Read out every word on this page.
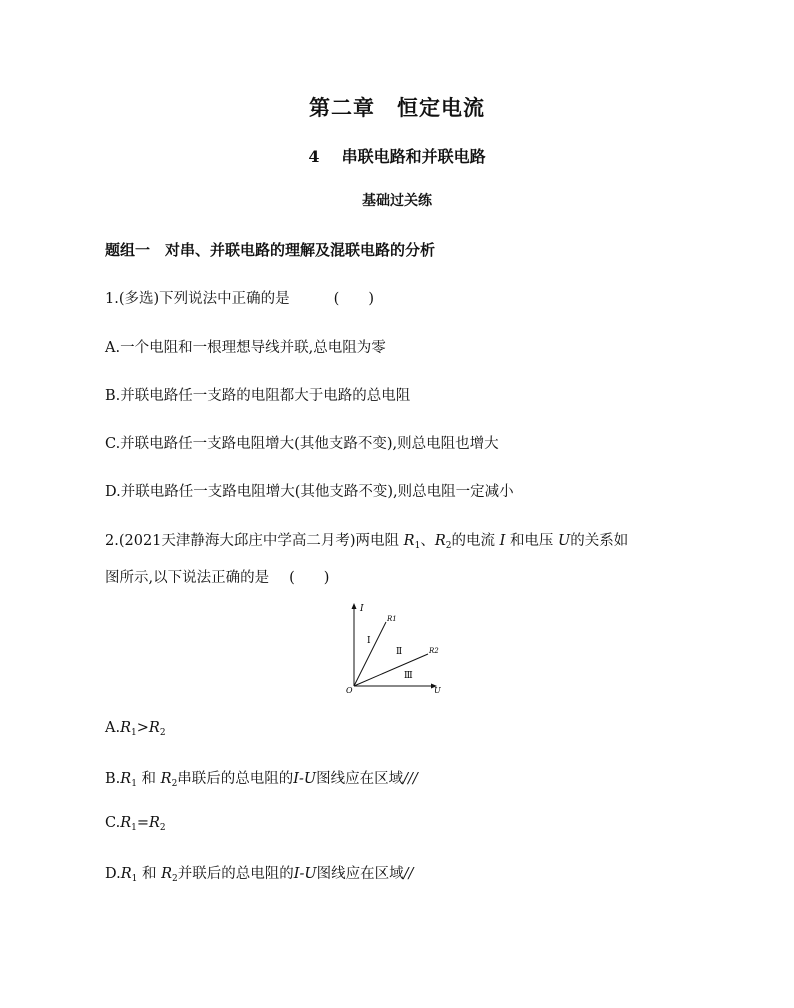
第二章　恒定电流
4 串联电路和并联电路
基础过关练
题组一　对串、并联电路的理解及混联电路的分析
1.(多选)下列说法中正确的是	(　　)
A.一个电阻和一根理想导线并联,总电阻为零
B.并联电路任一支路的电阻都大于电路的总电阻
C.并联电路任一支路电阻增大(其他支路不变),则总电阻也增大
D.并联电路任一支路电阻增大(其他支路不变),则总电阻一定减小
2.(2021天津静海大邱庄中学高二月考)两电阻 $R_1$、$R_2$的电流 I 和电压 U的关系如
图所示,以下说法正确的是 (　　)
I
U
O
R1
R2
Ⅰ
Ⅱ
Ⅲ
$A.R_1>R_2$
$B.R_1$ 和 $R_2$串联后的总电阻的I-U图线应在区域///
$C.R_1=R_2$
$D.R_1$ 和 $R_2$并联后的总电阻的I-U图线应在区域//
